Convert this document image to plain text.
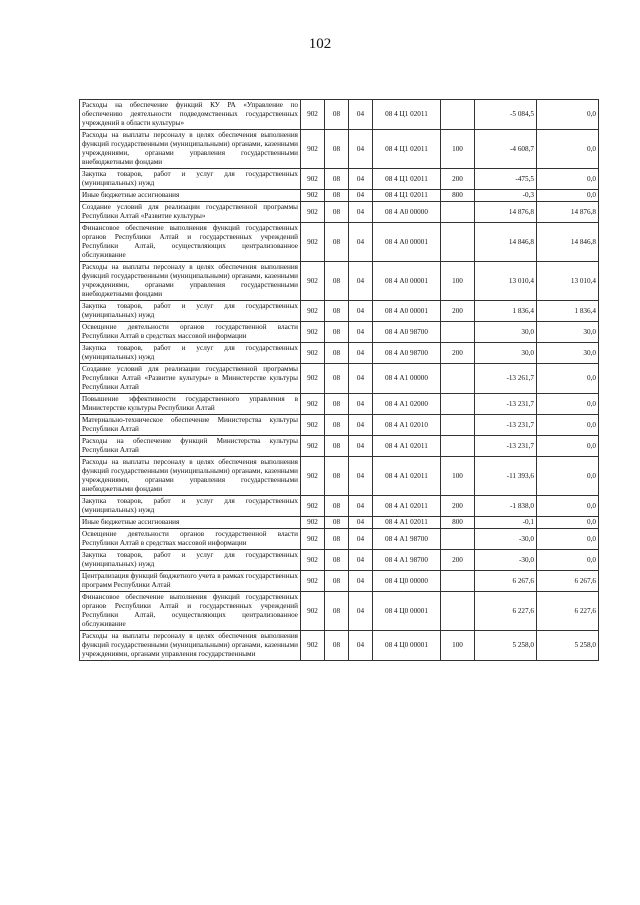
102
Расходы на обеспечение функций КУ РА «Управление по обеспечению деятельности подведомственных государственных учреждений в области культуры»	902	08	04	08 4 Ц1 02011		-5 084,5	0,0
Расходы на выплаты персоналу в целях обеспечения выполнения функций государственными (муниципальными) органами, казенными учреждениями, органами управления государственными внебюджетными фондами	902	08	04	08 4 Ц1 02011	100	-4 608,7	0,0
Закупка товаров, работ и услуг для государственных (муниципальных) нужд	902	08	04	08 4 Ц1 02011	200	-475,5	0,0
Иные бюджетные ассигнования	902	08	04	08 4 Ц1 02011	800	-0,3	0,0
Создание условий для реализации государственной программы Республики Алтай «Развитие культуры»	902	08	04	08 4 А0 00000		14 876,8	14 876,8
Финансовое обеспечение выполнения функций государственных органов Республики Алтай и государственных учреждений Республики Алтай, осуществляющих централизованное обслуживание	902	08	04	08 4 А0 00001		14 846,8	14 846,8
Расходы на выплаты персоналу в целях обеспечения выполнения функций государственными (муниципальными) органами, казенными учреждениями, органами управления государственными внебюджетными фондами	902	08	04	08 4 А0 00001	100	13 010,4	13 010,4
Закупка товаров, работ и услуг для государственных (муниципальных) нужд	902	08	04	08 4 А0 00001	200	1 836,4	1 836,4
Освещение деятельности органов государственной власти Республики Алтай в средствах массовой информации	902	08	04	08 4 А0 98700		30,0	30,0
Закупка товаров, работ и услуг для государственных (муниципальных) нужд	902	08	04	08 4 А0 98700	200	30,0	30,0
Создание условий для реализации государственной программы Республики Алтай «Развитие культуры» в Министерстве культуры Республики Алтай	902	08	04	08 4 А1 00000		-13 261,7	0,0
Повышение эффективности государственного управления в Министерстве культуры Республики Алтай	902	08	04	08 4 А1 02000		-13 231,7	0,0
Материально-техническое обеспечение Министерства культуры Республики Алтай	902	08	04	08 4 А1 02010		-13 231,7	0,0
Расходы на обеспечение функций Министерства культуры Республики Алтай	902	08	04	08 4 А1 02011		-13 231,7	0,0
Расходы на выплаты персоналу в целях обеспечения выполнения функций государственными (муниципальными) органами, казенными учреждениями, органами управления государственными внебюджетными фондами	902	08	04	08 4 А1 02011	100	-11 393,6	0,0
Закупка товаров, работ и услуг для государственных (муниципальных) нужд	902	08	04	08 4 А1 02011	200	-1 838,0	0,0
Иные бюджетные ассигнования	902	08	04	08 4 А1 02011	800	-0,1	0,0
Освещение деятельности органов государственной власти Республики Алтай в средствах массовой информации	902	08	04	08 4 А1 98700		-30,0	0,0
Закупка товаров, работ и услуг для государственных (муниципальных) нужд	902	08	04	08 4 А1 98700	200	-30,0	0,0
Централизация функций бюджетного учета в рамках государственных программ Республики Алтай	902	08	04	08 4 Ц0 00000		6 267,6	6 267,6
Финансовое обеспечение выполнения функций государственных органов Республики Алтай и государственных учреждений Республики Алтай, осуществляющих централизованное обслуживание	902	08	04	08 4 Ц0 00001		6 227,6	6 227,6
Расходы на выплаты персоналу в целях обеспечения выполнения функций государственными (муниципальными) органами, казенными учреждениями, органами управления государственными	902	08	04	08 4 Ц0 00001	100	5 258,0	5 258,0
